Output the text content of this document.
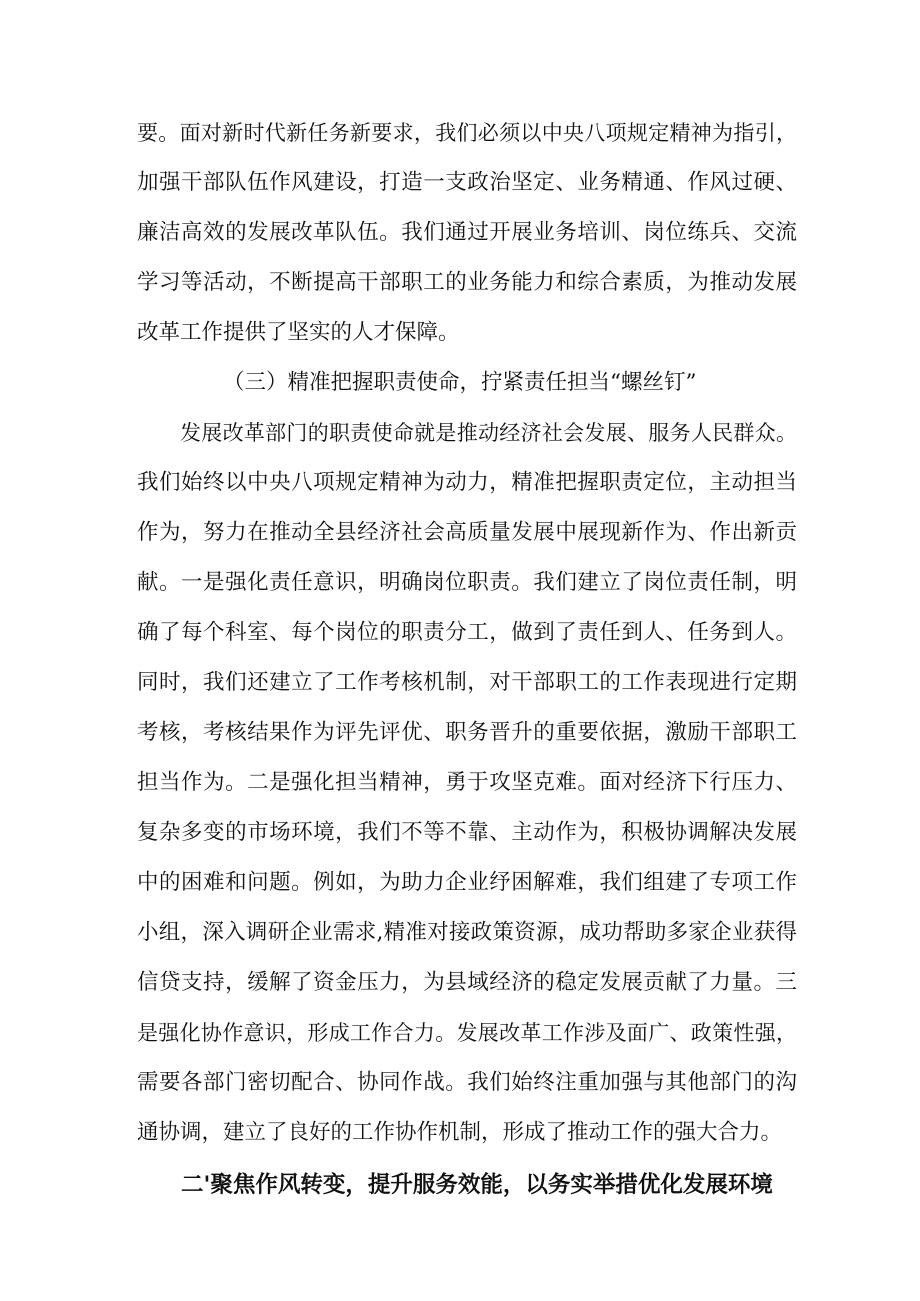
要。面对新时代新任务新要求，我们必须以中央八项规定精神为指引，
加强干部队伍作风建设，打造一支政治坚定、业务精通、作风过硬、
廉洁高效的发展改革队伍。我们通过开展业务培训、岗位练兵、交流
学习等活动，不断提高干部职工的业务能力和综合素质，为推动发展
改革工作提供了坚实的人才保障。
（三）精准把握职责使命，拧紧责任担当“螺丝钉”
发展改革部门的职责使命就是推动经济社会发展、服务人民群众。
我们始终以中央八项规定精神为动力，精准把握职责定位，主动担当
作为，努力在推动全县经济社会高质量发展中展现新作为、作出新贡
献。一是强化责任意识，明确岗位职责。我们建立了岗位责任制，明
确了每个科室、每个岗位的职责分工，做到了责任到人、任务到人。
同时，我们还建立了工作考核机制，对干部职工的工作表现进行定期
考核，考核结果作为评先评优、职务晋升的重要依据，激励干部职工
担当作为。二是强化担当精神，勇于攻坚克难。面对经济下行压力、
复杂多变的市场环境，我们不等不靠、主动作为，积极协调解决发展
中的困难和问题。例如，为助力企业纾困解难，我们组建了专项工作
小组，深入调研企业需求,精准对接政策资源，成功帮助多家企业获得
信贷支持，缓解了资金压力，为县域经济的稳定发展贡献了力量。三
是强化协作意识，形成工作合力。发展改革工作涉及面广、政策性强，
需要各部门密切配合、协同作战。我们始终注重加强与其他部门的沟
通协调，建立了良好的工作协作机制，形成了推动工作的强大合力。
二'聚焦作风转变，提升服务效能，以务实举措优化发展环境
